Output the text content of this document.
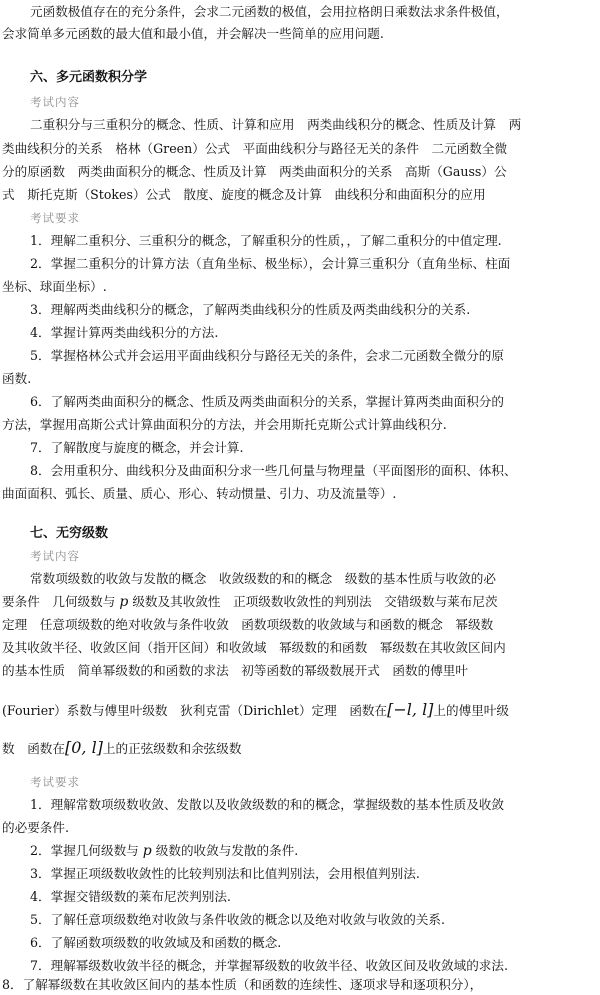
元函数极值存在的充分条件，会求二元函数的极值，会用拉格朗日乘数法求条件极值，
会求简单多元函数的最大值和最小值，并会解决一些简单的应用问题.
六、多元函数积分学
考试内容
二重积分与三重积分的概念、性质、计算和应用　两类曲线积分的概念、性质及计算　两
类曲线积分的关系　格林（Green）公式　平面曲线积分与路径无关的条件　二元函数全微
分的原函数　两类曲面积分的概念、性质及计算　两类曲面积分的关系　高斯（Gauss）公
式　斯托克斯（Stokes）公式　散度、旋度的概念及计算　曲线积分和曲面积分的应用
考试要求
1．理解二重积分、三重积分的概念，了解重积分的性质，，了解二重积分的中值定理.
2．掌握二重积分的计算方法（直角坐标、极坐标），会计算三重积分（直角坐标、柱面
坐标、球面坐标）.
3．理解两类曲线积分的概念，了解两类曲线积分的性质及两类曲线积分的关系.
4．掌握计算两类曲线积分的方法.
5．掌握格林公式并会运用平面曲线积分与路径无关的条件，会求二元函数全微分的原
函数.
6．了解两类曲面积分的概念、性质及两类曲面积分的关系，掌握计算两类曲面积分的
方法，掌握用高斯公式计算曲面积分的方法，并会用斯托克斯公式计算曲线积分.
7．了解散度与旋度的概念，并会计算.
8．会用重积分、曲线积分及曲面积分求一些几何量与物理量（平面图形的面积、体积、
曲面面积、弧长、质量、质心、形心、转动惯量、引力、功及流量等）.
七、无穷级数
考试内容
常数项级数的收敛与发散的概念　收敛级数的和的概念　级数的基本性质与收敛的必
要条件　几何级数与 p 级数及其收敛性　正项级数收敛性的判别法　交错级数与莱布尼茨
定理　任意项级数的绝对收敛与条件收敛　函数项级数的收敛域与和函数的概念　幂级数
及其收敛半径、收敛区间（指开区间）和收敛域　幂级数的和函数　幂级数在其收敛区间内
的基本性质　简单幂级数的和函数的求法　初等函数的幂级数展开式　函数的傅里叶
(Fourier）系数与傅里叶级数　狄利克雷（Dirichlet）定理　函数在[−l, l]上的傅里叶级
数　函数在[0, l]上的正弦级数和余弦级数
考试要求
1．理解常数项级数收敛、发散以及收敛级数的和的概念，掌握级数的基本性质及收敛
的必要条件.
2．掌握几何级数与 p 级数的收敛与发散的条件.
3．掌握正项级数收敛性的比较判别法和比值判别法，会用根值判别法.
4．掌握交错级数的莱布尼茨判别法.
5．了解任意项级数绝对收敛与条件收敛的概念以及绝对收敛与收敛的关系.
6．了解函数项级数的收敛域及和函数的概念.
7．理解幂级数收敛半径的概念，并掌握幂级数的收敛半径、收敛区间及收敛域的求法.
8．了解幂级数在其收敛区间内的基本性质（和函数的连续性、逐项求导和逐项积分），
